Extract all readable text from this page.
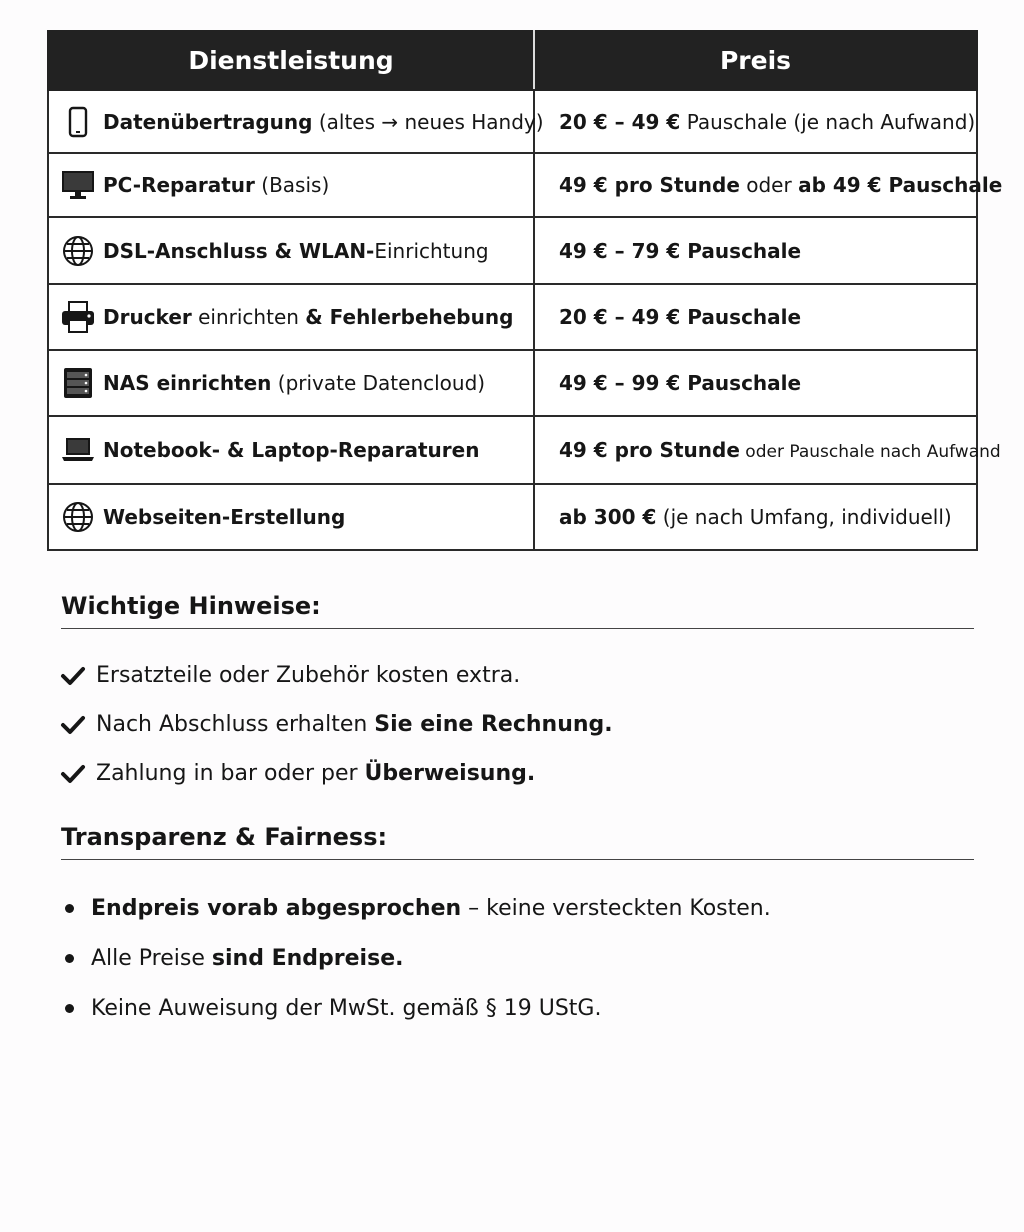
Dienstleistung	Preis

Datenübertragung (altes → neues Handy)	20 € – 49 € Pauschale (je nach Aufwand)

PC-Reparatur (Basis)	49 € pro Stunde oder ab 49 € Pauschale

DSL-Anschluss & WLAN-Einrichtung	49 € – 79 € Pauschale

Drucker einrichten & Fehlerbehebung	20 € – 49 € Pauschale

NAS einrichten (private Datencloud)	49 € – 99 € Pauschale

Notebook- & Laptop-Reparaturen	49 € pro Stunde oder Pauschale nach Aufwand

Webseiten-Erstellung	ab 300 € (je nach Umfang, individuell)
Wichtige Hinweise:
Ersatzteile oder Zubehör kosten extra.
Nach Abschluss erhalten Sie eine Rechnung.
Zahlung in bar oder per Überweisung.
Transparenz & Fairness:
Endpreis vorab abgesprochen – keine versteckten Kosten.
Alle Preise sind Endpreise.
Keine Auweisung der MwSt. gemäß § 19 UStG.
